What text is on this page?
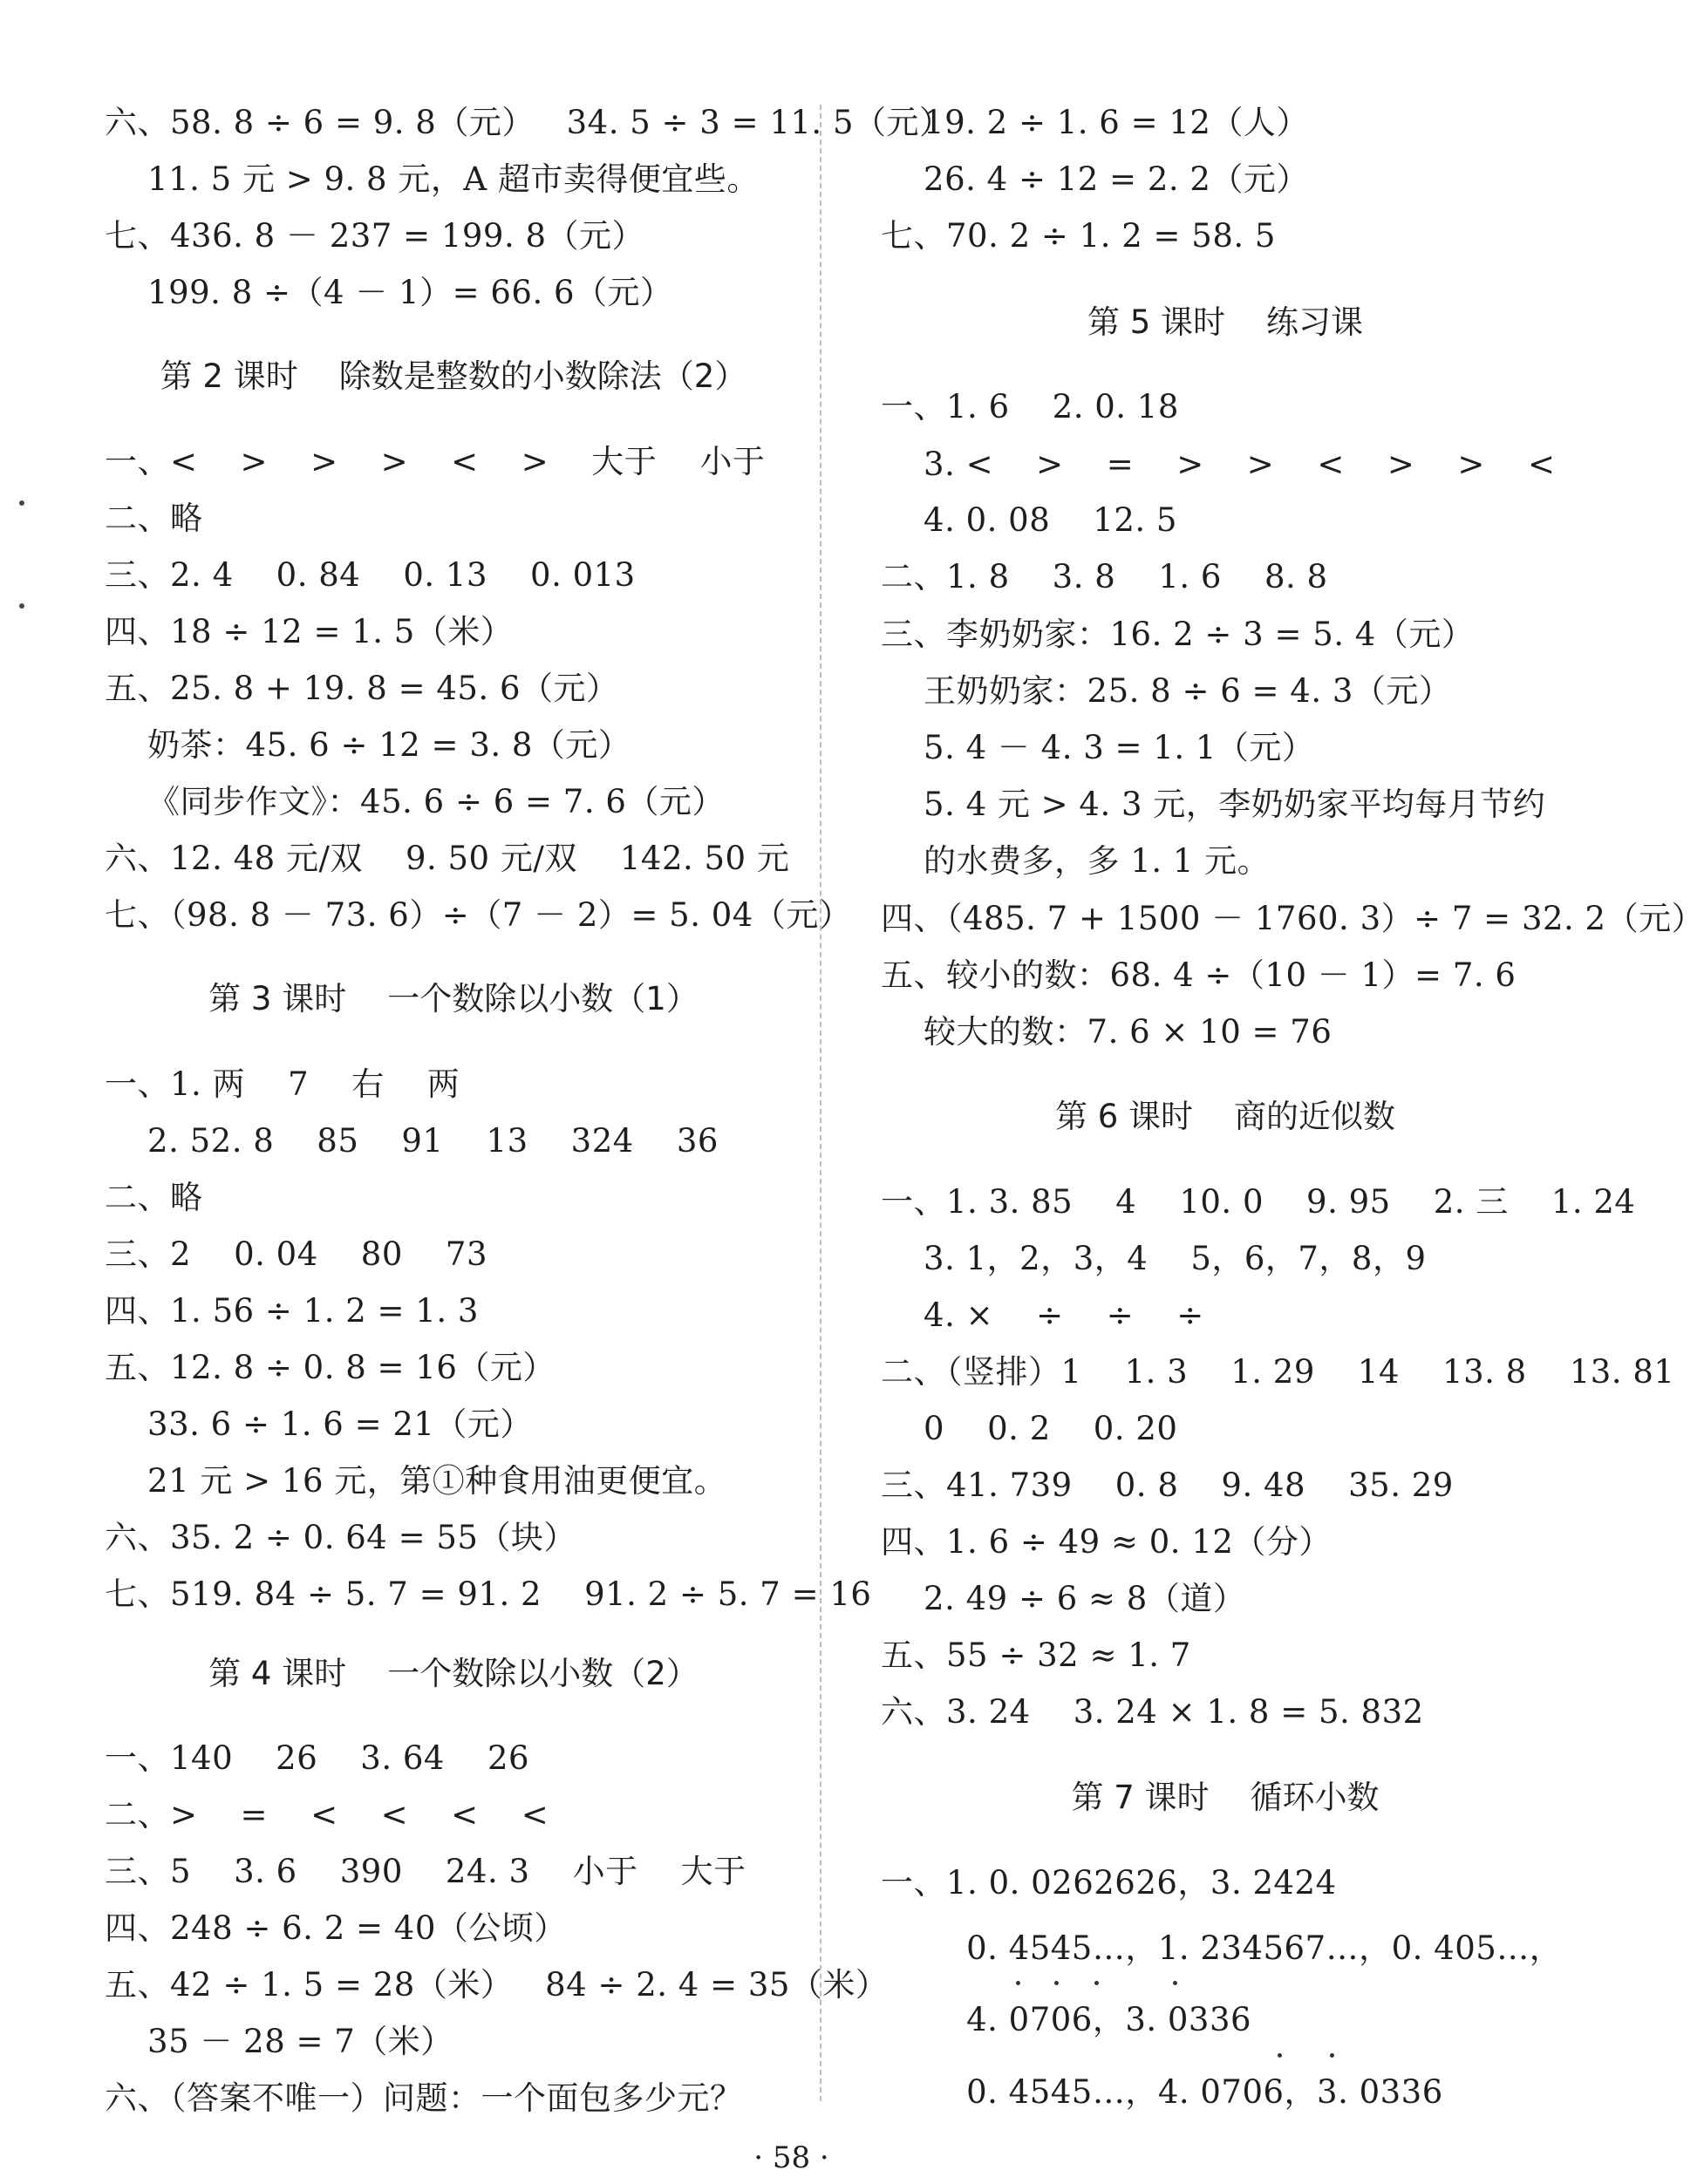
六、58. 8 ÷ 6 = 9. 8（元）   34. 5 ÷ 3 = 11. 5（元）
11. 5 元 > 9. 8 元，A 超市卖得便宜些。
七、436. 8 － 237 = 199. 8（元）
199. 8 ÷（4 － 1）= 66. 6（元）
第 2 课时    除数是整数的小数除法（2）
一、<    >    >    >    <    >    大于    小于
二、略
三、2. 4    0. 84    0. 13    0. 013
四、18 ÷ 12 = 1. 5（米）
五、25. 8 + 19. 8 = 45. 6（元）
奶茶：45. 6 ÷ 12 = 3. 8（元）
《同步作文》：45. 6 ÷ 6 = 7. 6（元）
六、12. 48 元/双    9. 50 元/双    142. 50 元
七、（98. 8 － 73. 6）÷（7 － 2）= 5. 04（元）
第 3 课时    一个数除以小数（1）
一、1. 两    7    右    两
2. 52. 8    85    91    13    324    36
二、略
三、2    0. 04    80    73
四、1. 56 ÷ 1. 2 = 1. 3
五、12. 8 ÷ 0. 8 = 16（元）
33. 6 ÷ 1. 6 = 21（元）
21 元 > 16 元，第①种食用油更便宜。
六、35. 2 ÷ 0. 64 = 55（块）
七、519. 84 ÷ 5. 7 = 91. 2    91. 2 ÷ 5. 7 = 16
第 4 课时    一个数除以小数（2）
一、140    26    3. 64    26
二、>    =    <    <    <    <
三、5    3. 6    390    24. 3    小于    大于
四、248 ÷ 6. 2 = 40（公顷）
五、42 ÷ 1. 5 = 28（米）   84 ÷ 2. 4 = 35（米）
35 － 28 = 7（米）
六、（答案不唯一）问题：一个面包多少元？
19. 2 ÷ 1. 6 = 12（人）
26. 4 ÷ 12 = 2. 2（元）
七、70. 2 ÷ 1. 2 = 58. 5
第 5 课时    练习课
一、1. 6    2. 0. 18
3. <    >    =    >    >    <    >    >    <
4. 0. 08    12. 5
二、1. 8    3. 8    1. 6    8. 8
三、李奶奶家：16. 2 ÷ 3 = 5. 4（元）
王奶奶家：25. 8 ÷ 6 = 4. 3（元）
5. 4 － 4. 3 = 1. 1（元）
5. 4 元 > 4. 3 元，李奶奶家平均每月节约
的水费多，多 1. 1 元。
四、（485. 7 + 1500 － 1760. 3）÷ 7 = 32. 2（元）
五、较小的数：68. 4 ÷（10 － 1）= 7. 6
较大的数：7. 6 × 10 = 76
第 6 课时    商的近似数
一、1. 3. 85    4    10. 0    9. 95    2. 三    1. 24
3. 1，2，3，4    5，6，7，8，9
4. ×    ÷    ÷    ÷
二、（竖排）1    1. 3    1. 29    14    13. 8    13. 81
0    0. 2    0. 20
三、41. 739    0. 8    9. 48    35. 29
四、1. 6 ÷ 49 ≈ 0. 12（分）
2. 49 ÷ 6 ≈ 8（道）
五、55 ÷ 32 ≈ 1. 7
六、3. 24    3. 24 × 1. 8 = 5. 832
第 7 课时    循环小数
一、1. 0. 0262626，3. 2424
0. 4545…，1. 234567…，0. 405…，
4. 0706，3. 0336
0. 4545…，4. 0706，3. 0336
· 58 ·
